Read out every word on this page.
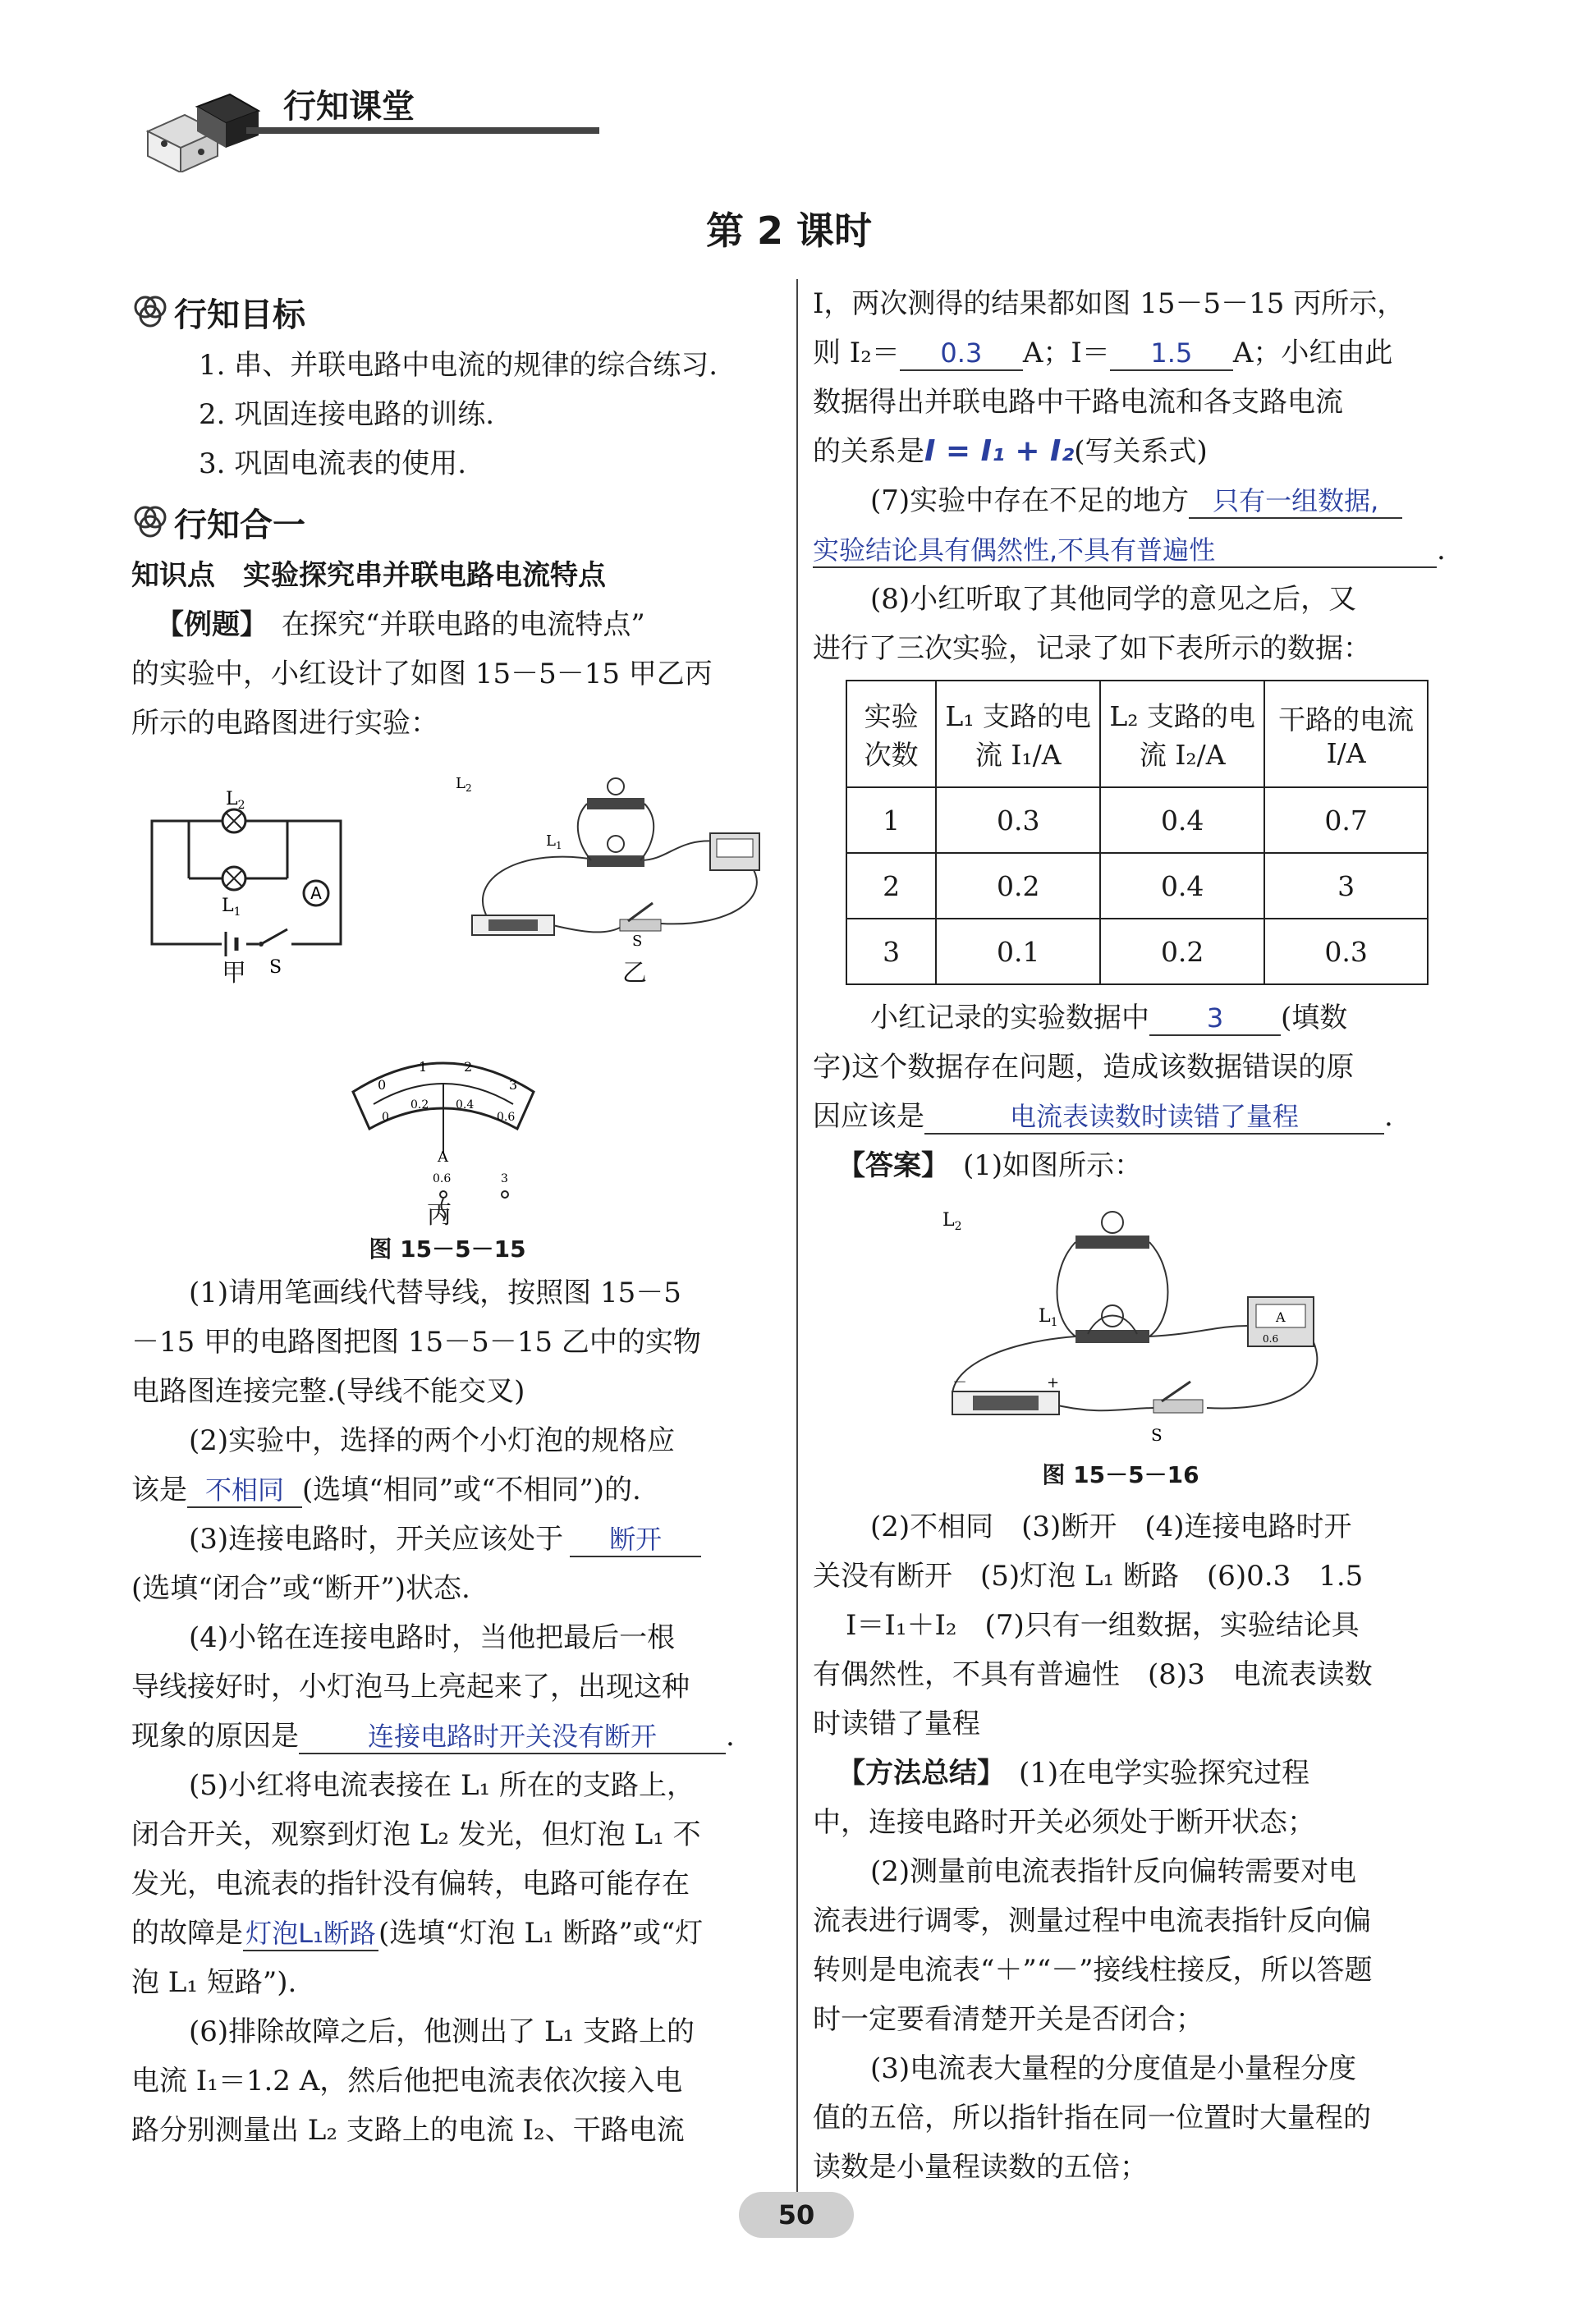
行知课堂
第 2 课时
行知目标

1. 串、并联电路中电流的规律的综合练习.

2. 巩固连接电路的训练.

3. 巩固电流表的使用.

行知合一

知识点　实验探究串并联电路电流特点

【例题】　 在探究“并联电路的电流特点”

的实验中，小红设计了如图 15－5－15 甲乙丙

所示的电路图进行实验：

A
$L_2$
$L_1$
S
甲
$L_2$
$L_1$
S
乙
0
1	2
3
0
0.2 0.4
0.6
A
0.6	3
丙
图 15－5－15

(1)请用笔画线代替导线，按照图 15－5

－15 甲的电路图把图 15－5－15 乙中的实物

电路图连接完整.(导线不能交叉)

(2)实验中，选择的两个小灯泡的规格应

该是 不相同 (选填“相同”或“不相同”)的.

(3)连接电路时，开关应该处于 断开

(选填“闭合”或“断开”)状态.

(4)小铭在连接电路时，当他把最后一根

导线接好时，小灯泡马上亮起来了，出现这种

现象的原因是	连接电路时开关没有断开 .

(5)小红将电流表接在 L₁ 所在的支路上，

闭合开关，观察到灯泡 L₂ 发光，但灯泡 L₁ 不

发光，电流表的指针没有偏转，电路可能存在

的故障是灯泡L₁断路(选填“灯泡 L₁ 断路”或“灯

泡 L₁ 短路”).

(6)排除故障之后，他测出了 L₁ 支路上的

电流 I₁＝1.2 A，然后他把电流表依次接入电

路分别测量出 L₂ 支路上的电流 I₂、干路电流

I，两次测得的结果都如图 15－5－15 丙所示，

则 I₂＝ 0.3 A；I＝ 1.5 A；小红由此

数据得出并联电路中干路电流和各支路电流

的关系是I = I₁ + I₂(写关系式)

(7)实验中存在不足的地方 只有一组数据,

实验结论具有偶然性,不具有普遍性	.

(8)小红听取了其他同学的意见之后，又

进行了三次实验，记录了如下表所示的数据：

实验次数	L₁ 支路的电流 I₁/A	L₂ 支路的电流 I₂/A	干路的电流 I/A
1	0.3	0.4	0.7
2	0.2	0.4	3
3	0.1	0.2	0.3

小红记录的实验数据中 3 (填数

字)这个数据存在问题，造成该数据错误的原

因应该是	电流表读数时读错了量程	.

【答案】　 (1)如图所示：

A
0.6
－	+
$L_2$
$L_1$
S
图 15－5－16

(2)不相同　(3)断开　(4)连接电路时开

关没有断开　(5)灯泡 L₁ 断路　(6)0.3　1.5

I＝I₁＋I₂　(7)只有一组数据，实验结论具

有偶然性，不具有普遍性　(8)3　电流表读数

时读错了量程

【方法总结】　 (1)在电学实验探究过程

中，连接电路时开关必须处于断开状态；

(2)测量前电流表指针反向偏转需要对电

流表进行调零，测量过程中电流表指针反向偏

转则是电流表“＋”“－”接线柱接反，所以答题

时一定要看清楚开关是否闭合；

(3)电流表大量程的分度值是小量程分度

值的五倍，所以指针指在同一位置时大量程的

读数是小量程读数的五倍；

50
